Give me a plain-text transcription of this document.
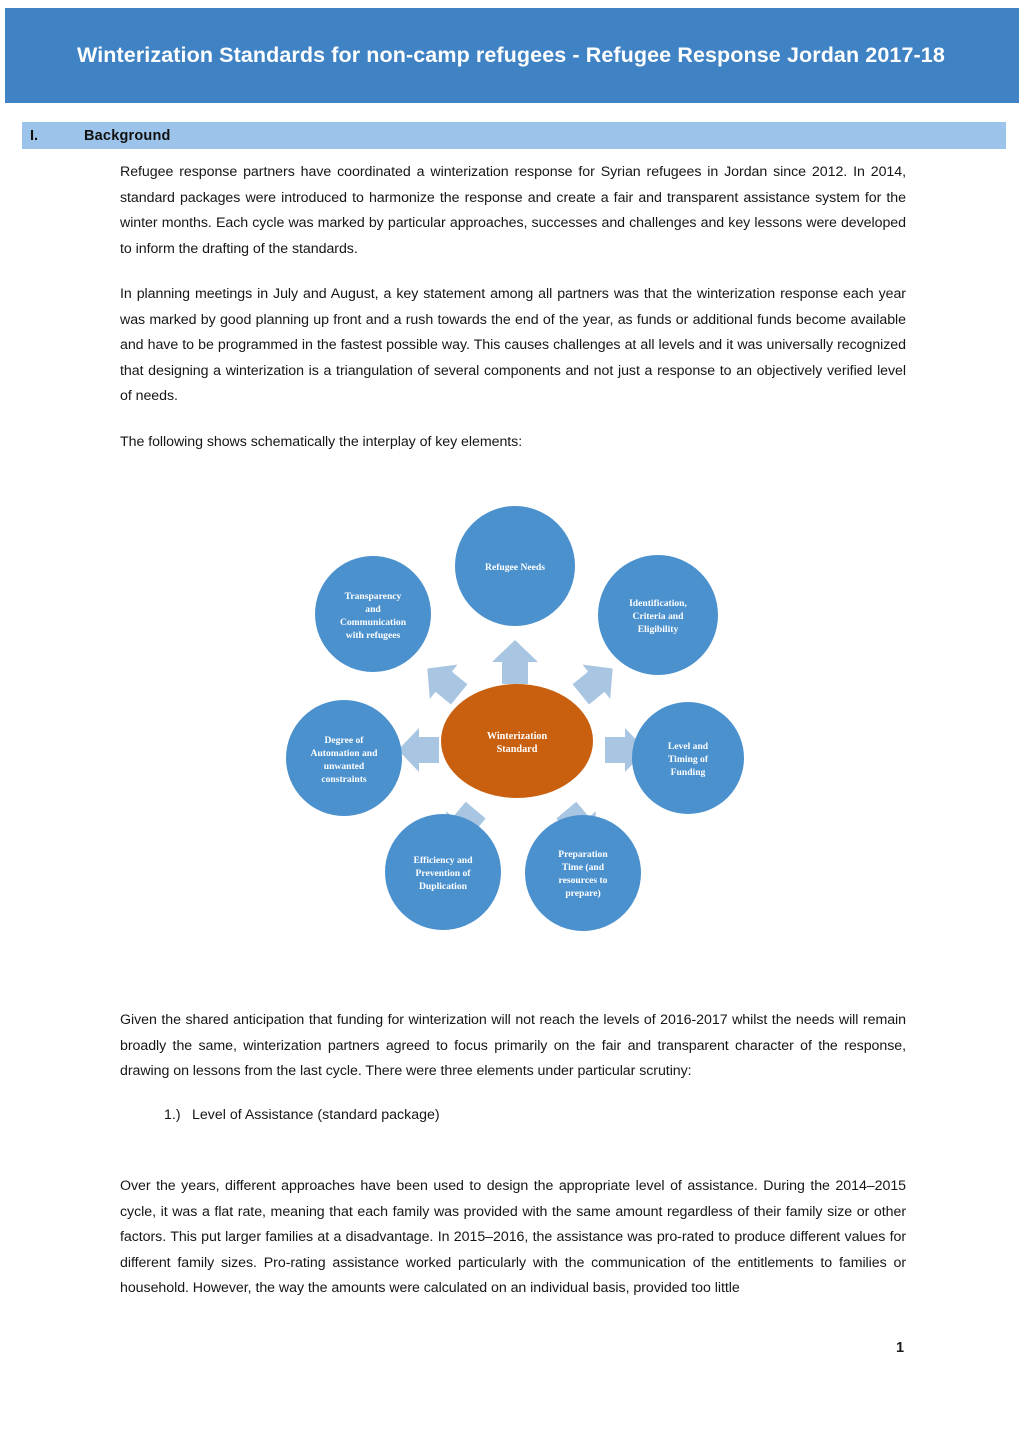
Winterization Standards for non-camp refugees - Refugee Response Jordan 2017-18
I.	Background

Refugee response partners have coordinated a winterization response for Syrian refugees in Jordan since 2012. In 2014, standard packages were introduced to harmonize the response and create a fair and transparent assistance system for the winter months. Each cycle was marked by particular approaches, successes and challenges and key lessons were developed to inform the drafting of the standards.

In planning meetings in July and August, a key statement among all partners was that the winterization response each year was marked by good planning up front and a rush towards the end of the year, as funds or additional funds become available and have to be programmed in the fastest possible way. This causes challenges at all levels and it was universally recognized that designing a winterization is a triangulation of several components and not just a response to an objectively verified level of needs.

The following shows schematically the interplay of key elements:

Winterization
Standard
Refugee Needs
Identification,
Criteria and
Eligibility
Level and
Timing of
Funding
Preparation
Time (and
resources to
prepare)
Efficiency and
Prevention of
Duplication
Degree of
Automation and
unwanted
constraints
Transparency
and
Communication
with refugees

Given the shared anticipation that funding for winterization will not reach the levels of 2016-2017 whilst the needs will remain broadly the same, winterization partners agreed to focus primarily on the fair and transparent character of the response, drawing on lessons from the last cycle. There were three elements under particular scrutiny:

1.) Level of Assistance (standard package)

Over the years, different approaches have been used to design the appropriate level of assistance. During the 2014–2015 cycle, it was a flat rate, meaning that each family was provided with the same amount regardless of their family size or other factors. This put larger families at a disadvantage. In 2015–2016, the assistance was pro-rated to produce different values for different family sizes. Pro-rating assistance worked particularly with the communication of the entitlements to families or household. However, the way the amounts were calculated on an individual basis, provided too little

1
